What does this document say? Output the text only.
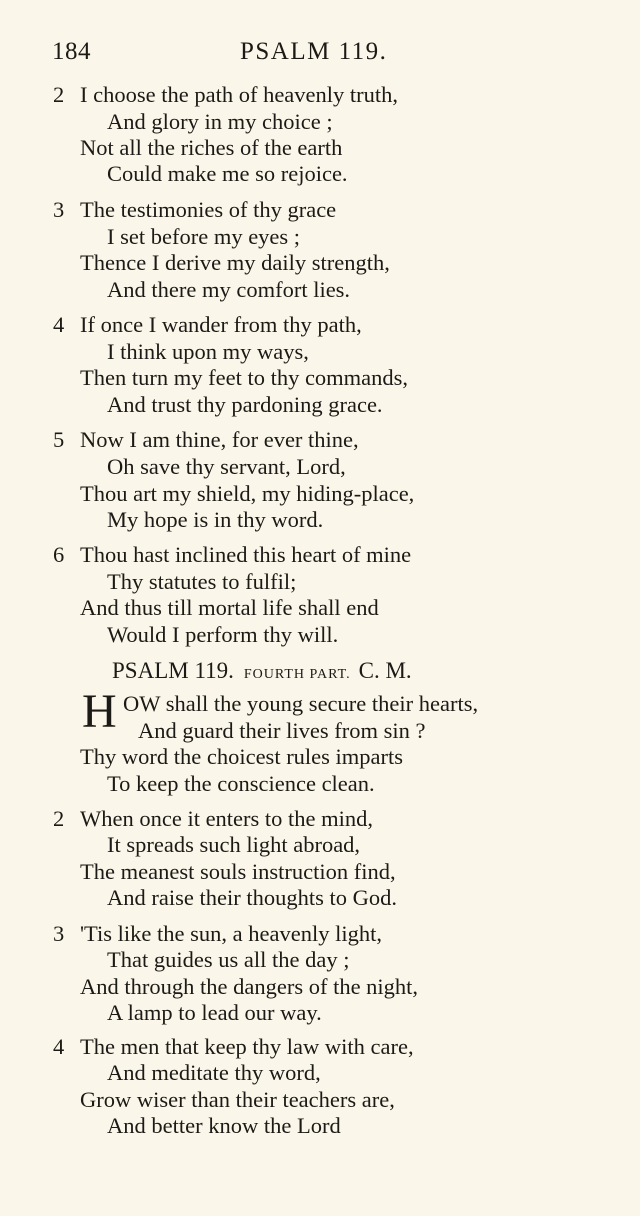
184	PSALM 119.
2 I choose the path of heavenly truth,
And glory in my choice ;
Not all the riches of the earth
Could make me so rejoice.
3 The testimonies of thy grace
I set before my eyes ;
Thence I derive my daily strength,
And there my comfort lies.
4 If once I wander from thy path,
I think upon my ways,
Then turn my feet to thy commands,
And trust thy pardoning grace.
5 Now I am thine, for ever thine,
Oh save thy servant, Lord,
Thou art my shield, my hiding-place,
My hope is in thy word.
6 Thou hast inclined this heart of mine
Thy statutes to fulfil;
And thus till mortal life shall end
Would I perform thy will.
PSALM 119. FOURTH PART. C. M.
H OW shall the young secure their hearts,
And guard their lives from sin ?
Thy word the choicest rules imparts
To keep the conscience clean.
2 When once it enters to the mind,
It spreads such light abroad,
The meanest souls instruction find,
And raise their thoughts to God.
3 'Tis like the sun, a heavenly light,
That guides us all the day ;
And through the dangers of the night,
A lamp to lead our way.
4 The men that keep thy law with care,
And meditate thy word,
Grow wiser than their teachers are,
And better know the Lord
